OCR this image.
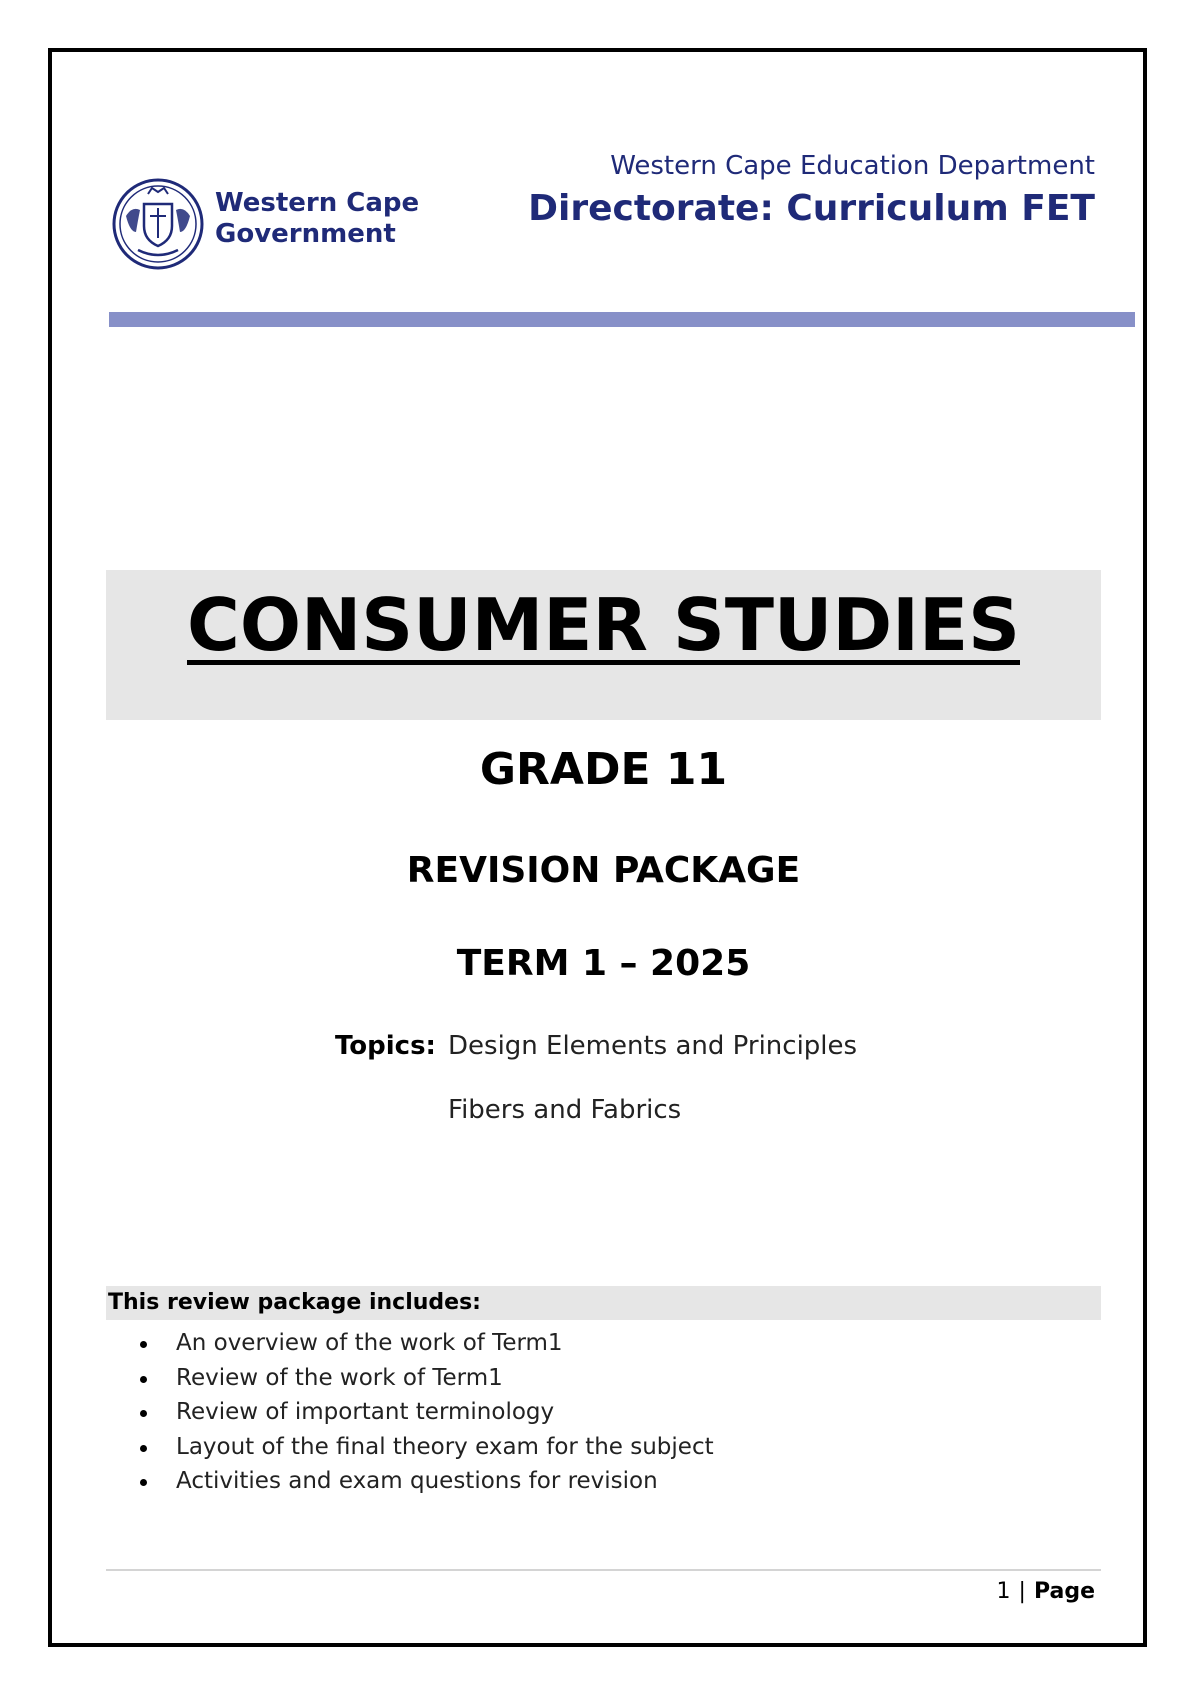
Western Cape
Government
Western Cape Education Department
Directorate: Curriculum FET
CONSUMER STUDIES
GRADE 11
REVISION PACKAGE
TERM 1 – 2025
Topics: Design Elements and Principles
Fibers and Fabrics
This review package includes:
An overview of the work of Term1
Review of the work of Term1
Review of important terminology
Layout of the final theory exam for the subject
Activities and exam questions for revision
1 | Page
